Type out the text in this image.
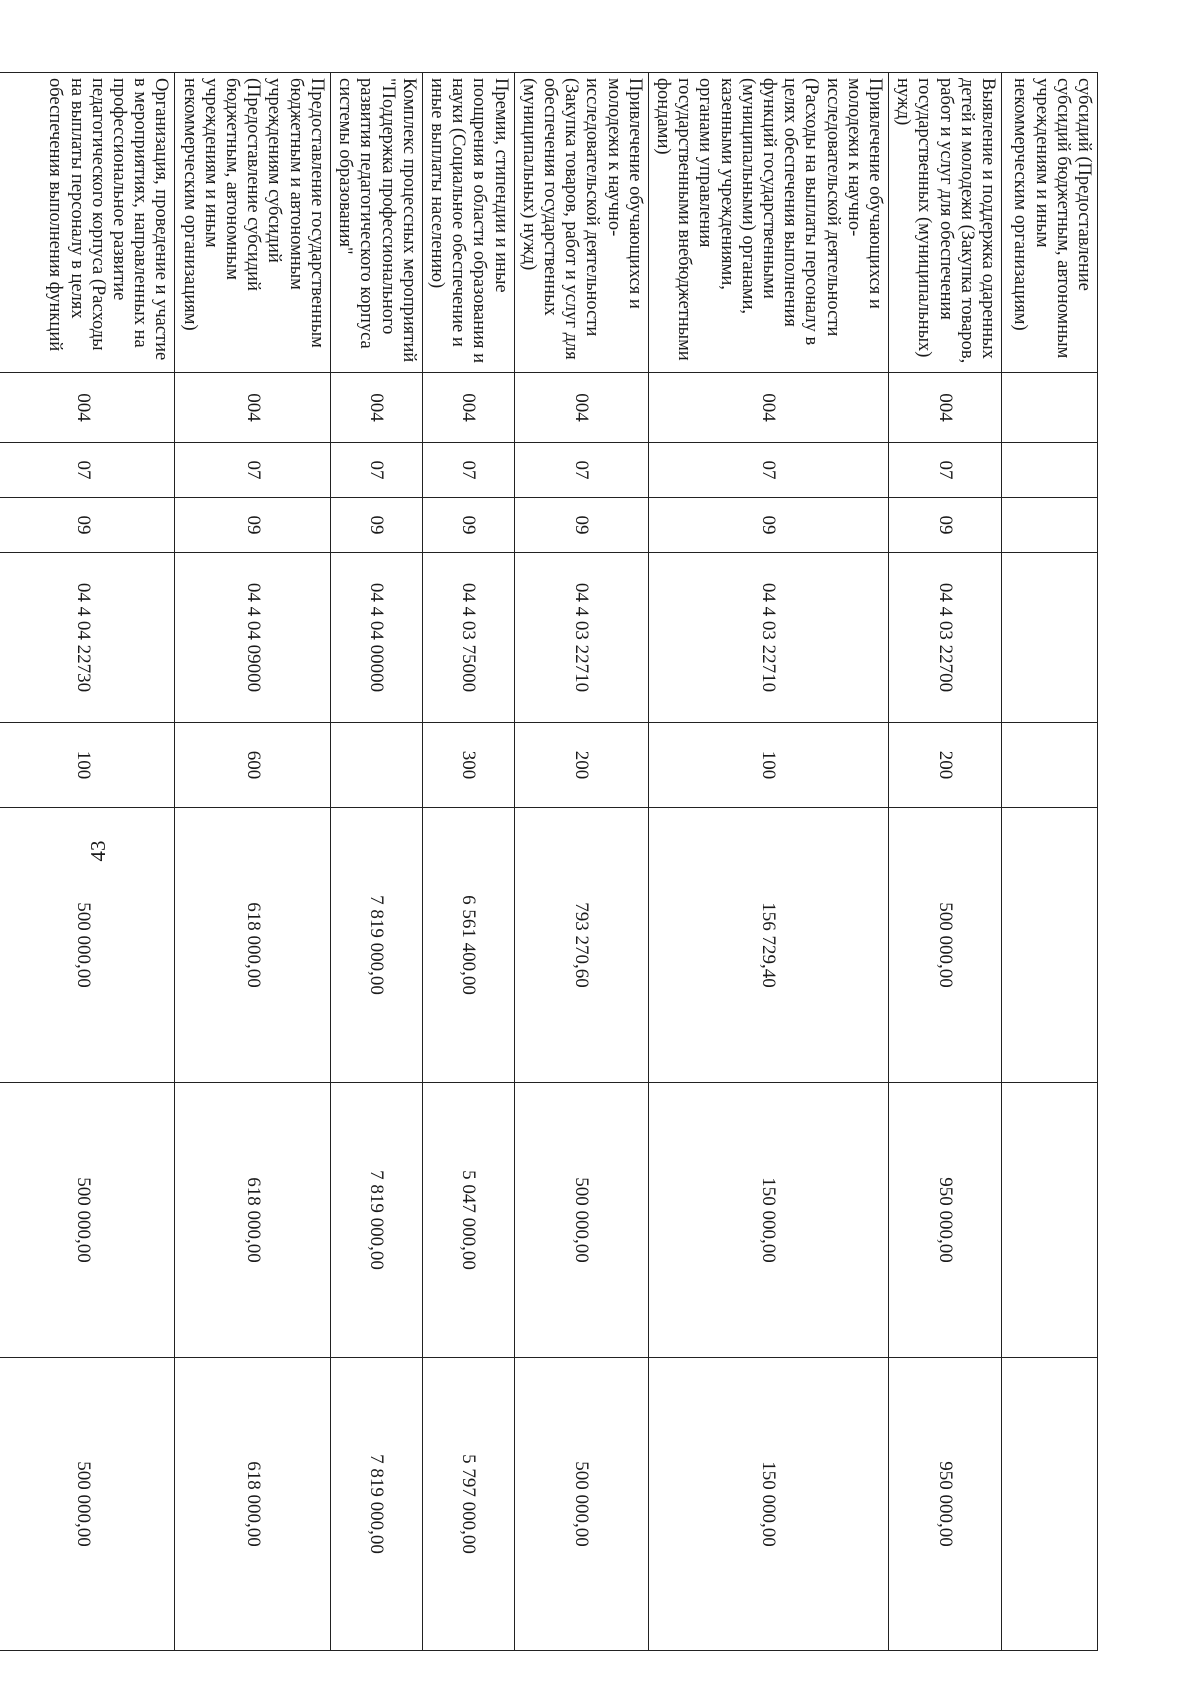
43
субсидий (Предоставление субсидий бюджетным, автономным учреждениям и иным некоммерческим организациям)								
Выявление и поддержка одаренных детей и молодежи (Закупка товаров, работ и услуг для обеспечения государственных (муниципальных) нужд)	004	07	09	04 4 03 22700	200	500 000,00	950 000,00	950 000,00
Привлечение обучающихся и молодежи к научно-исследовательской деятельности (Расходы на выплаты персоналу в целях обеспечения выполнения функций государственными (муниципальными) органами, казенными учреждениями, органами управления государственными внебюджетными фондами)	004	07	09	04 4 03 22710	100	156 729,40	150 000,00	150 000,00
Привлечение обучающихся и молодежи к научно-исследовательской деятельности (Закупка товаров, работ и услуг для обеспечения государственных (муниципальных) нужд)	004	07	09	04 4 03 22710	200	793 270,60	500 000,00	500 000,00
Премии, стипендии и иные поощрения в области образования и науки (Социальное обеспечение и иные выплаты населению)	004	07	09	04 4 03 75000	300	6 561 400,00	5 047 000,00	5 797 000,00
Комплекс процессных мероприятий "Поддержка профессионального развития педагогического корпуса системы образования"	004	07	09	04 4 04 00000		7 819 000,00	7 819 000,00	7 819 000,00
Предоставление государственным бюджетным и автономным учреждениям субсидий (Предоставление субсидий бюджетным, автономным учреждениям и иным некоммерческим организациям)	004	07	09	04 4 04 09000	600	618 000,00	618 000,00	618 000,00
Организация, проведение и участие в мероприятиях, направленных на профессиональное развитие педагогического корпуса (Расходы на выплаты персоналу в целях обеспечения выполнения функций	004	07	09	04 4 04 22730	100	500 000,00	500 000,00	500 000,00
